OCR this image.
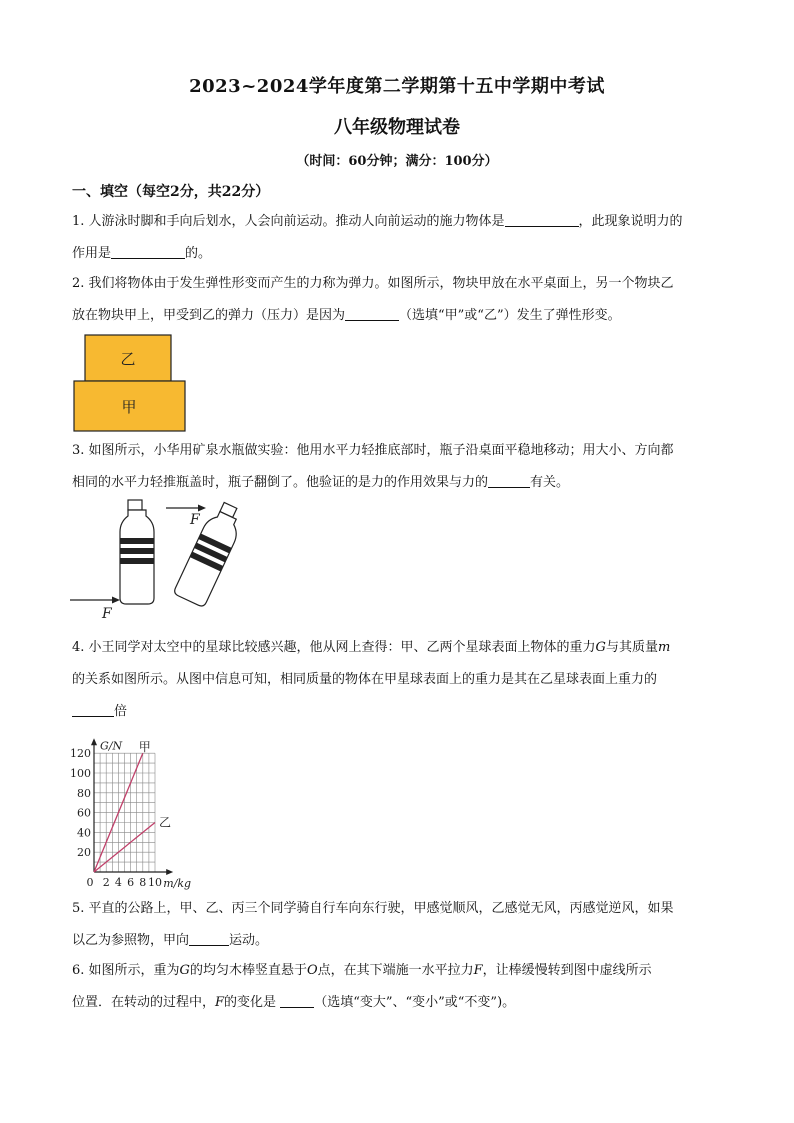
2023~2024学年度第二学期第十五中学期中考试
八年级物理试卷
（时间：60分钟；满分：100分）
一、填空（每空2分，共22分）
1. 人游泳时脚和手向后划水，人会向前运动。推动人向前运动的施力物体是	，此现象说明力的
作用是	的。
2. 我们将物体由于发生弹性形变而产生的力称为弹力。如图所示，物块甲放在水平桌面上，另一个物块乙
放在物块甲上，甲受到乙的弹力（压力）是因为	（选填“甲”或“乙”）发生了弹性形变。
乙
甲
3. 如图所示，小华用矿泉水瓶做实验：他用水平力轻推底部时，瓶子沿桌面平稳地移动；用大小、方向都
相同的水平力轻推瓶盖时，瓶子翻倒了。他验证的是力的作用效果与力的	有关。
F
F
4. 小王同学对太空中的星球比较感兴趣，他从网上查得：甲、乙两个星球表面上物体的重力G与其质量m
的关系如图所示。从图中信息可知，相同质量的物体在甲星球表面上的重力是其在乙星球表面上重力的
倍
0 2 4 6 8 10
20
40
60
80
100
120
G/N
m/kg
甲
乙
5. 平直的公路上，甲、乙、丙三个同学骑自行车向东行驶，甲感觉顺风，乙感觉无风，丙感觉逆风，如果
以乙为参照物，甲向	运动。
6. 如图所示，重为G的均匀木棒竖直悬于O点，在其下端施一水平拉力F，让棒缓慢转到图中虚线所示
位置．在转动的过程中，F的变化是	（选填“变大”、“变小”或“不变”)。
